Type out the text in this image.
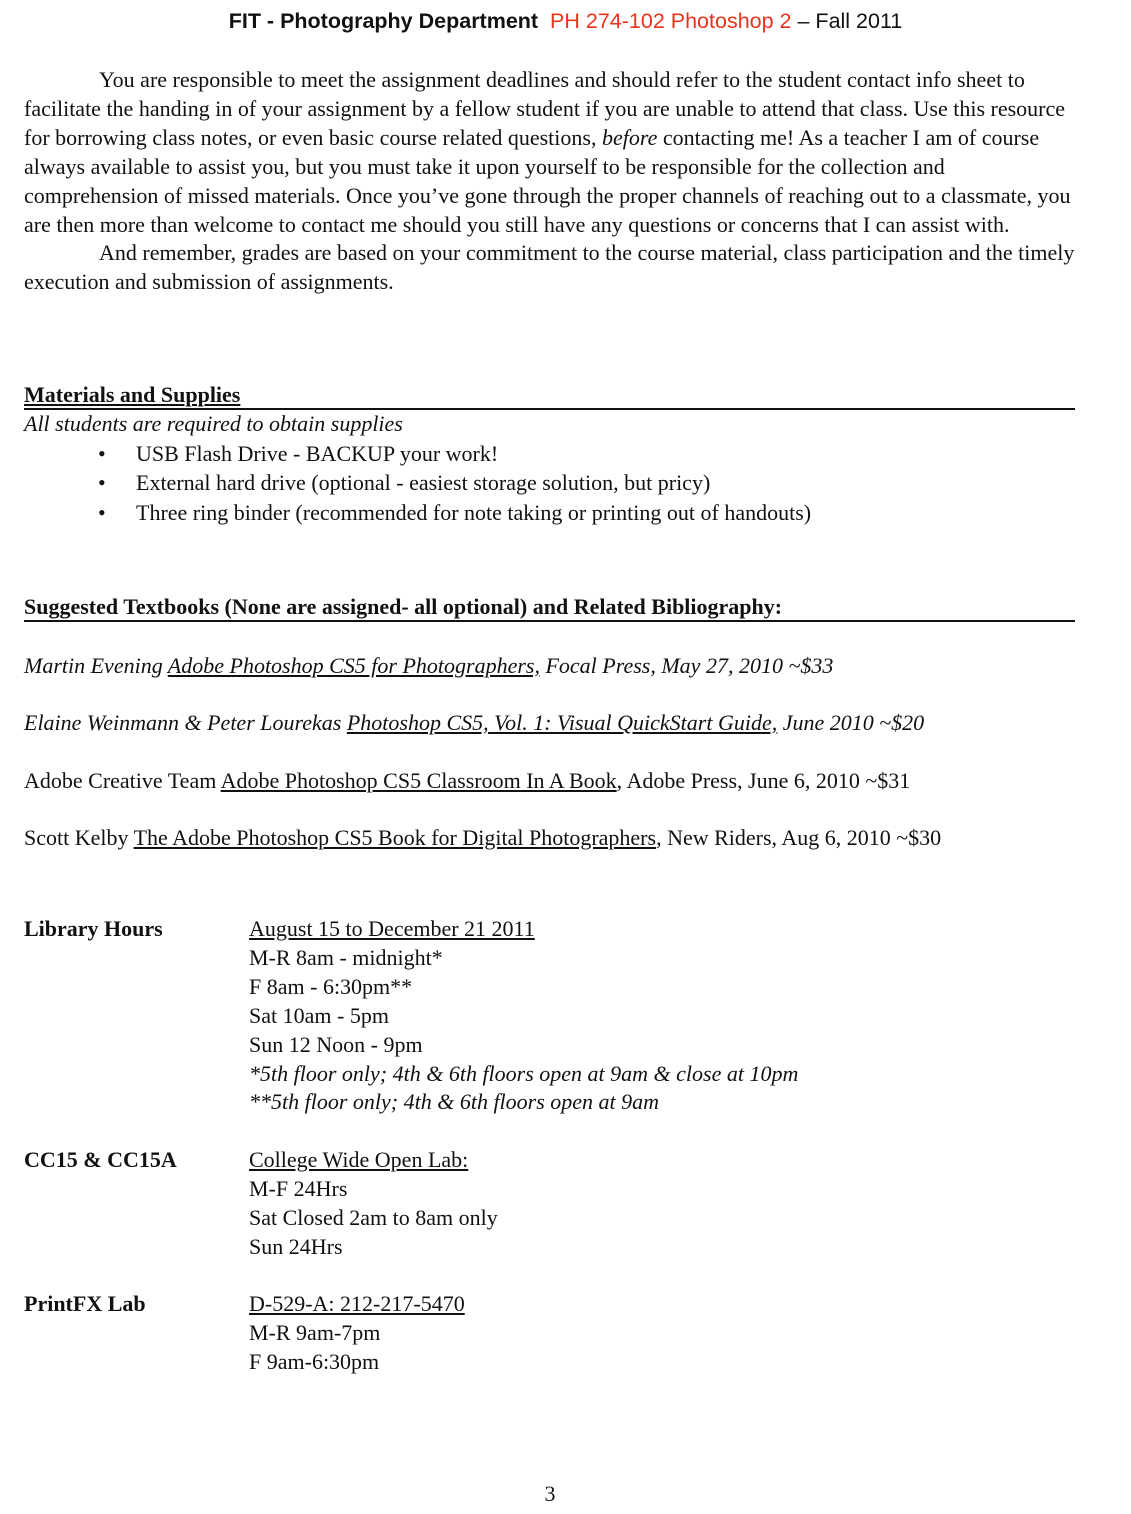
FIT - Photography Department PH 274-102 Photoshop 2 – Fall 2011

You are responsible to meet the assignment deadlines and should refer to the student contact info sheet to facilitate the handing in of your assignment by a fellow student if you are unable to attend that class. Use this resource for borrowing class notes, or even basic course related questions, before contacting me! As a teacher I am of course always available to assist you, but you must take it upon yourself to be responsible for the collection and comprehension of missed materials. Once you’ve gone through the proper channels of reaching out to a classmate, you are then more than welcome to contact me should you still have any questions or concerns that I can assist with.

And remember, grades are based on your commitment to the course material, class participation and the timely execution and submission of assignments.

Materials and Supplies
All students are required to obtain supplies
• USB Flash Drive - BACKUP your work!
• External hard drive (optional - easiest storage solution, but pricy)
• Three ring binder (recommended for note taking or printing out of handouts)
Suggested Textbooks (None are assigned- all optional) and Related Bibliography:
Martin Evening Adobe Photoshop CS5 for Photographers, Focal Press, May 27, 2010 ~$33
Elaine Weinmann & Peter Lourekas Photoshop CS5, Vol. 1: Visual QuickStart Guide, June 2010 ~$20
Adobe Creative Team Adobe Photoshop CS5 Classroom In A Book, Adobe Press, June 6, 2010 ~$31
Scott Kelby The Adobe Photoshop CS5 Book for Digital Photographers, New Riders, Aug 6, 2010 ~$30
Library Hours	August 15 to December 21 2011
M-R 8am - midnight*
F 8am - 6:30pm**
Sat 10am - 5pm
Sun 12 Noon - 9pm
*5th floor only; 4th & 6th floors open at 9am & close at 10pm
**5th floor only; 4th & 6th floors open at 9am
CC15 & CC15A	College Wide Open Lab:
M-F 24Hrs
Sat Closed 2am to 8am only
Sun 24Hrs
PrintFX Lab	D-529-A: 212-217-5470
M-R 9am-7pm
F 9am-6:30pm
3
